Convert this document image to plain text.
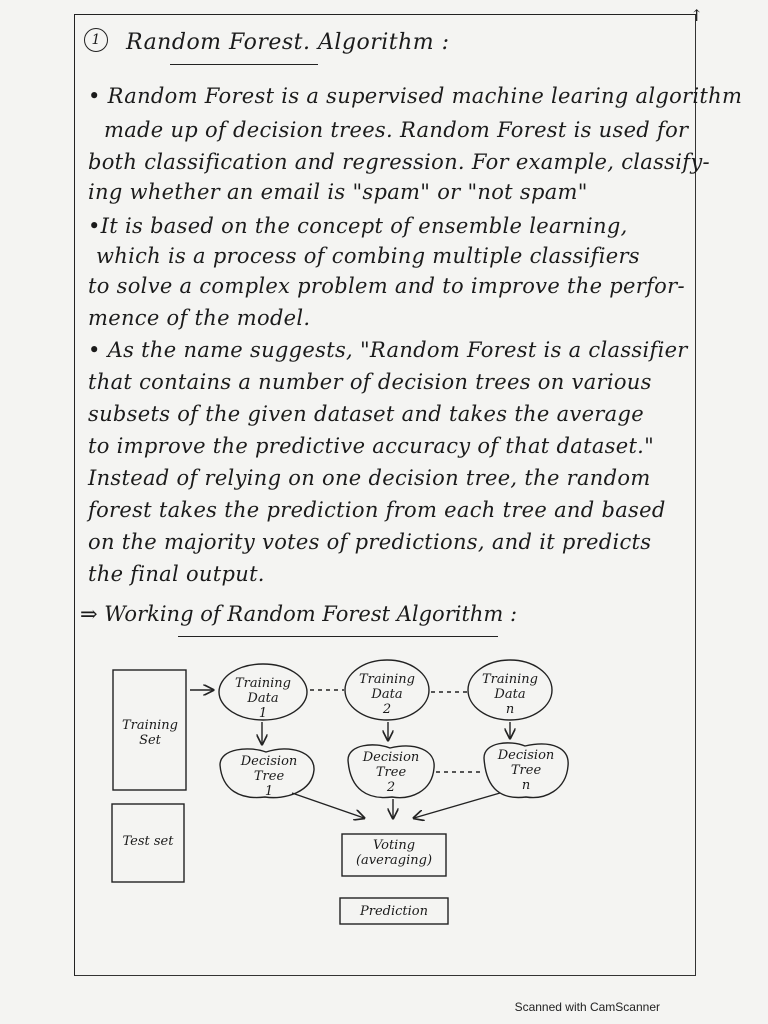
↑
1	Random Forest. Algorithm :
• Random Forest is a supervised machine learing algorithm
made up of decision trees. Random Forest is used for
both classification and regression. For example, classify-
ing whether an email is "spam" or "not spam"
•It is based on the concept of ensemble learning,
which is a process of combing multiple classifiers
to solve a complex problem and to improve the perfor-
mence of the model.
• As the name suggests, "Random Forest is a classifier
that contains a number of decision trees on various
subsets of the given dataset and takes the average
to improve the predictive accuracy of that dataset."
Instead of relying on one decision tree, the random
forest takes the prediction from each tree and based
on the majority votes of predictions, and it predicts
the final output.
⇒ Working of Random Forest Algorithm :
Training Set
Test set
Training
Data
1
Training
Data
2
Training
Data
n
Decision
Tree
1
Decision
Tree
2
Decision
Tree
n
Voting
(averaging)
Prediction
Scanned with CamScanner
